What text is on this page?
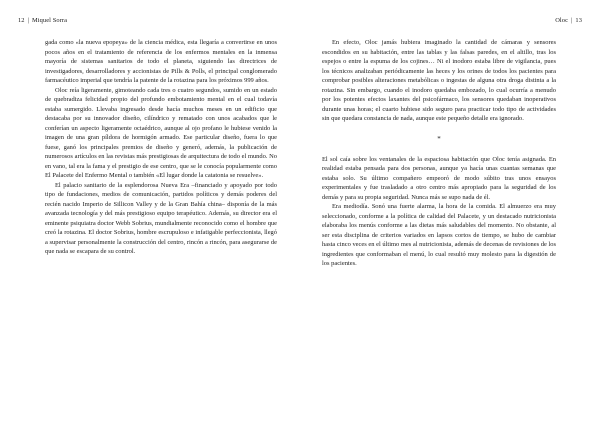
12 | Miquel Sorra

gada como «la nueva epopeya» de la ciencia médica, esta llegaría a convertirse en unos pocos años en el tratamiento de referencia de los enfermos mentales en la inmensa mayoría de sistemas sanitarios de todo el planeta, siguiendo las directrices de investigadores, desarrolladores y accionistas de Pills & Polls, el principal conglomerado farmacéutico imperial que tendría la patente de la rotazina para los próximos 999 años.

Oloc reía ligeramente, gimoteando cada tres o cuatro segundos, sumido en un estado de quebradiza felicidad propio del profundo embotamiento mental en el cual todavía estaba sumergido. Llevaba ingresado desde hacía muchos meses en un edificio que destacaba por su innovador diseño, cilíndrico y rematado con unos acabados que le conferían un aspecto ligeramente octaédrico, aunque al ojo profano le hubiese venido la imagen de una gran píldora de hormigón armado. Ese particular diseño, fuera lo que fuese, ganó los principales premios de diseño y generó, además, la publicación de numerosos artículos en las revistas más prestigiosas de arquitectura de todo el mundo. No en vano, tal era la fama y el prestigio de ese centro, que se le conocía popularmente como El Palacete del Enfermo Mental o también «El lugar donde la catatonia se resuelve».

El palacio sanitario de la esplendorosa Nueva Era –financiado y apoyado por todo tipo de fundaciones, medios de comunicación, partidos políticos y demás poderes del recién nacido Imperio de Sillicon Valley y de la Gran Bahía china– disponía de la más avanzada tecnología y del más prestigioso equipo terapéutico. Además, su director era el eminente psiquiatra doctor Webb Sobrius, mundialmente reconocido como el hombre que creó la rotazina. El doctor Sobrius, hombre escrupuloso e infatigable perfeccionista, llegó a supervisar personalmente la construcción del centro, rincón a rincón, para asegurarse de que nada se escapara de su control.

Oloc | 13

En efecto, Oloc jamás hubiera imaginado la cantidad de cámaras y sensores escondidos en su habitación, entre las tablas y las falsas paredes, en el altillo, tras los espejos o entre la espuma de los cojines… Ni el inodoro estaba libre de vigilancia, pues los técnicos analizaban periódicamente las heces y los orines de todos los pacientes para comprobar posibles alteraciones metabólicas o ingestas de alguna otra droga distinta a la rotazina. Sin embargo, cuando el inodoro quedaba embozado, lo cual ocurría a menudo por los potentes efectos laxantes del psicofármaco, los sensores quedaban inoperativos durante unas horas; el cuarto hubiese sido seguro para practicar todo tipo de actividades sin que quedara constancia de nada, aunque este pequeño detalle era ignorado.

*

El sol caía sobre los ventanales de la espaciosa habitación que Oloc tenía asignada. En realidad estaba pensada para dos personas, aunque ya hacía unas cuantas semanas que estaba solo. Su último compañero empeoró de modo súbito tras unos ensayos experimentales y fue trasladado a otro centro más apropiado para la seguridad de los demás y para su propia seguridad. Nunca más se supo nada de él.

Era mediodía. Sonó una fuerte alarma, la hora de la comida. El almuerzo era muy seleccionado, conforme a la política de calidad del Palacete, y un destacado nutricionista elaboraba los menús conforme a las dietas más saludables del momento. No obstante, al ser esta disciplina de criterios variados en lapsos cortos de tiempo, se hubo de cambiar hasta cinco veces en el último mes al nutricionista, además de decenas de revisiones de los ingredientes que conformaban el menú, lo cual resultó muy molesto para la digestión de los pacientes.
